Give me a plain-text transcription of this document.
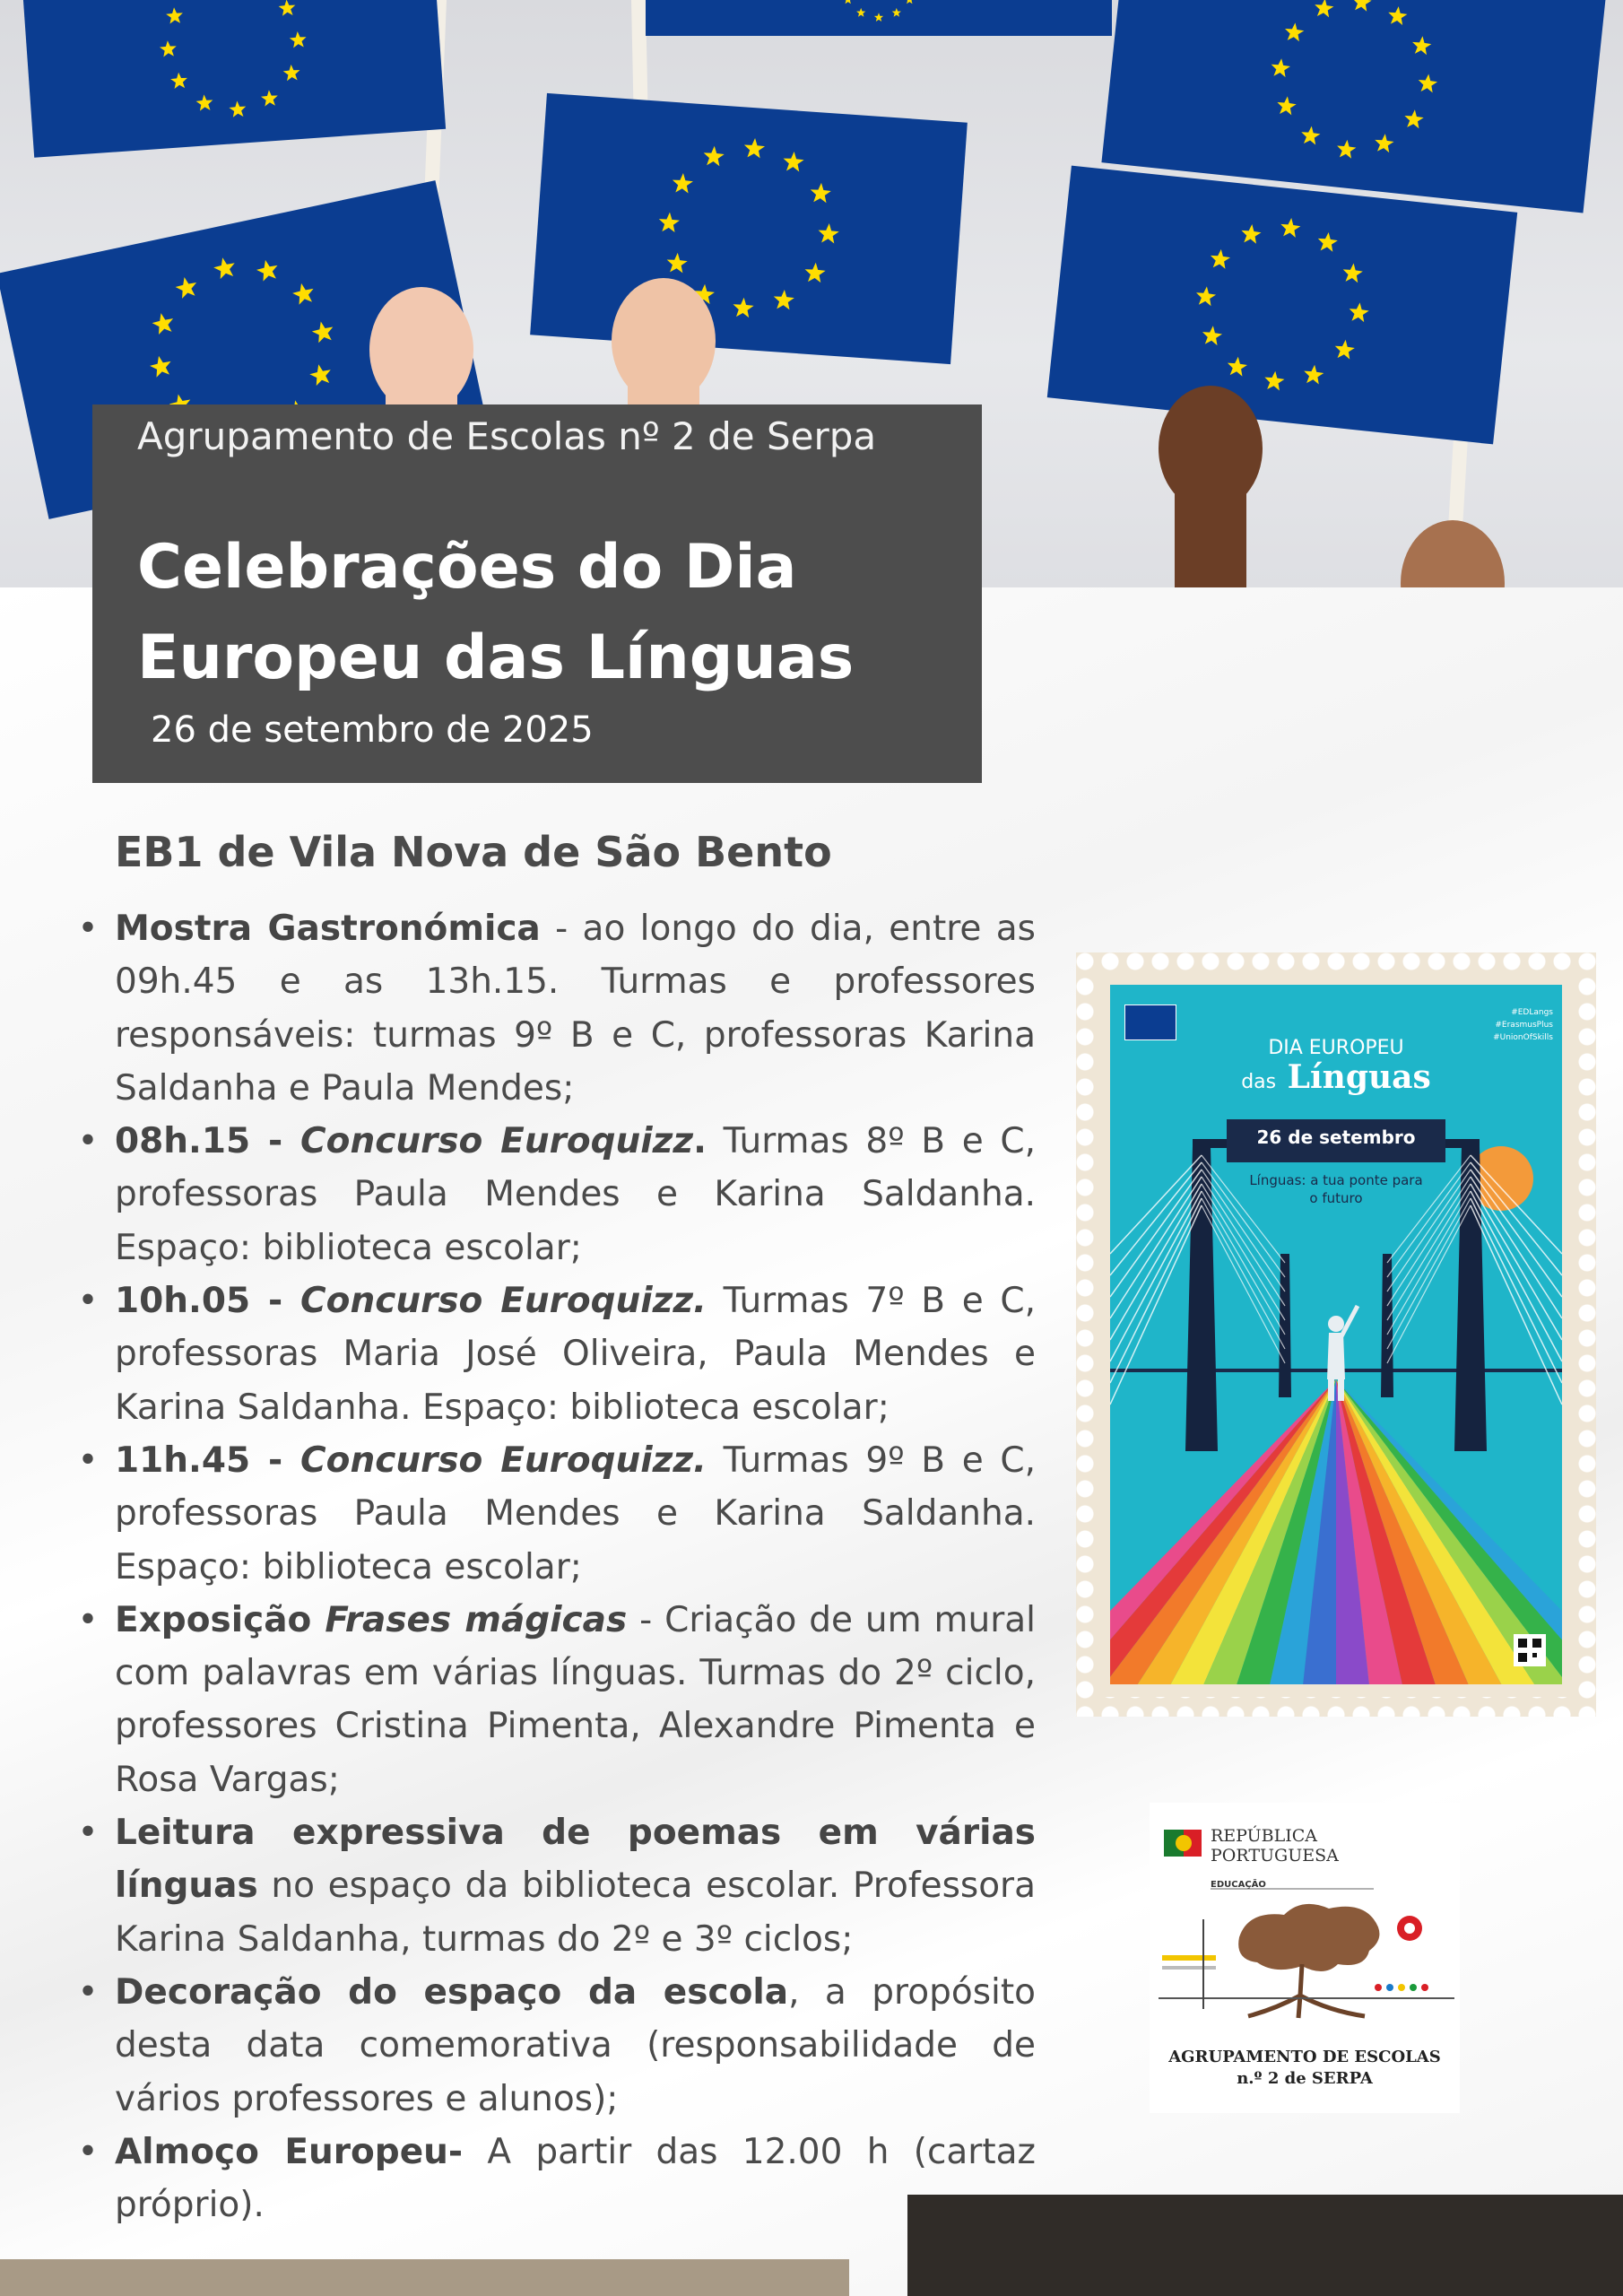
Agrupamento de Escolas nº 2 de Serpa
Celebrações do Dia
Europeu das Línguas
26 de setembro de 2025
EB1 de Vila Nova de São Bento
• Mostra Gastronómica - ao longo do dia, entre as 09h.45 e as 13h.15. Turmas e professores responsáveis: turmas 9º B e C, professoras Karina Saldanha e Paula Mendes;
• 08h.15 - Concurso Euroquizz. Turmas 8º B e C, professoras Paula Mendes e Karina Saldanha. Espaço: biblioteca escolar;
• 10h.05 - Concurso Euroquizz. Turmas 7º B e C, professoras Maria José Oliveira, Paula Mendes e Karina Saldanha. Espaço: biblioteca escolar;
• 11h.45 - Concurso Euroquizz. Turmas 9º B e C, professoras Paula Mendes e Karina Saldanha. Espaço: biblioteca escolar;
• Exposição Frases mágicas - Criação de um mural com palavras em várias línguas. Turmas do 2º ciclo, professores Cristina Pimenta, Alexandre Pimenta e Rosa Vargas;
• Leitura expressiva de poemas em várias línguas no espaço da biblioteca escolar. Professora Karina Saldanha, turmas do 2º e 3º ciclos;
• Decoração do espaço da escola, a propósito desta data comemorativa (responsabilidade de vários professores e alunos);
• Almoço Europeu- A partir das 12.00 h (cartaz próprio).
#EDLangs
#ErasmusPlus
#UnionOfSkills
DIA EUROPEU
das Línguas
26 de setembro
Línguas: a tua ponte para o futuro
REPÚBLICA
PORTUGUESA
EDUCAÇÃO
AGRUPAMENTO DE ESCOLAS
n.º 2 de SERPA
